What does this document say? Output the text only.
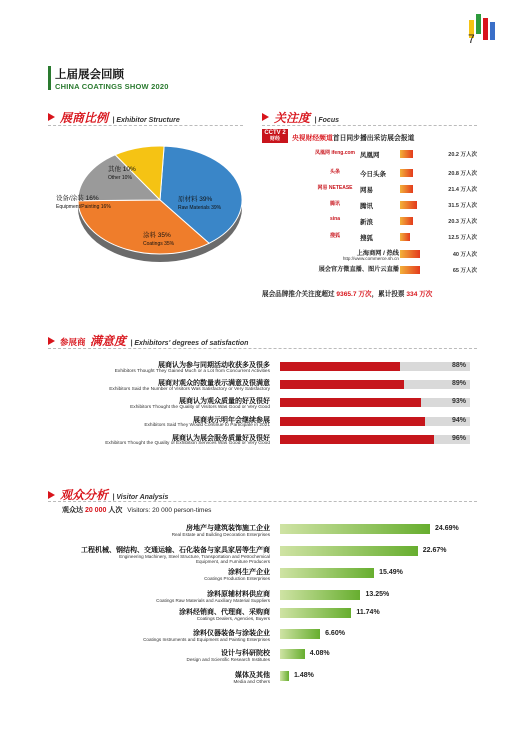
7
上届展会回顾
CHINA COATINGS SHOW 2020
展商比例 | Exhibitor Structure
原材料 39%
Raw Materials 39%
涂料 35%
Coatings 35%
设备/涂装 16%
Equipment/Painting 16%
其他 10%
Other 10%
关注度 | Focus
CCTV 2
财经	央视财经频道首日同步播出采访展会报道
凤凰网 ifeng.com 凤凰网	20.2 万人次
头条	今日头条	20.8 万人次
网易 NETEASE	网易	21.4 万人次
腾讯	腾讯	31.5 万人次
sina	新浪	20.3 万人次
搜狐	搜狐	12.5 万人次
上海商网 / 热线
http://www.commerce.sh.cn
40 万人次
展会官方微直播、图片云直播	65 万人次
展会品牌推介关注度超过 9365.7 万次，累计投票 334 万次
参展商 满意度 | Exhibitors' degrees of satisfaction
展商认为参与同期活动收获多及很多
Exhibitors Thought They Gained Much or a Lot from Concurrent Activities
88%
展商对观众的数量表示满意及很满意
Exhibitors Said the Number of Visitors Was Satisfactory or Very Satisfactory
89%
展商认为观众质量的好及很好
Exhibitors Thought the Quality of Visitors Was Good or Very Good
93%
展商表示明年会继续参展
Exhibitors Said They Would Continue to Participate in 2021
94%
展商认为展会服务质量好及很好
Exhibitors Thought the Quality of Exhibition Services Was Good or Very Good
96%
观众分析 | Visitor Analysis
观众达 20 000 人次 Visitors: 20 000 person-times
房地产与建筑装饰施工企业
Real Estate and Building Decoration Enterprises
24.69%
工程机械、钢结构、交通运输、石化装备与家具家居等生产商
Engineering Machinery, Steel Structure, Transportation and Petrochemical
Equipment, and Furniture Producers
22.67%
涂料生产企业
Coatings Production Enterprises
15.49%
涂料原辅材料供应商
Coatings Raw Materials and Auxiliary Material Suppliers
13.25%
涂料经销商、代理商、采购商
Coatings Dealers, Agencies, Buyers
11.74%
涂料仪器装备与涂装企业
Coatings Instruments and Equipment and Painting Enterprises
6.60%
设计与科研院校
Design and Scientific Research Institutes
4.08%
媒体及其他
Media and Others
1.48%
